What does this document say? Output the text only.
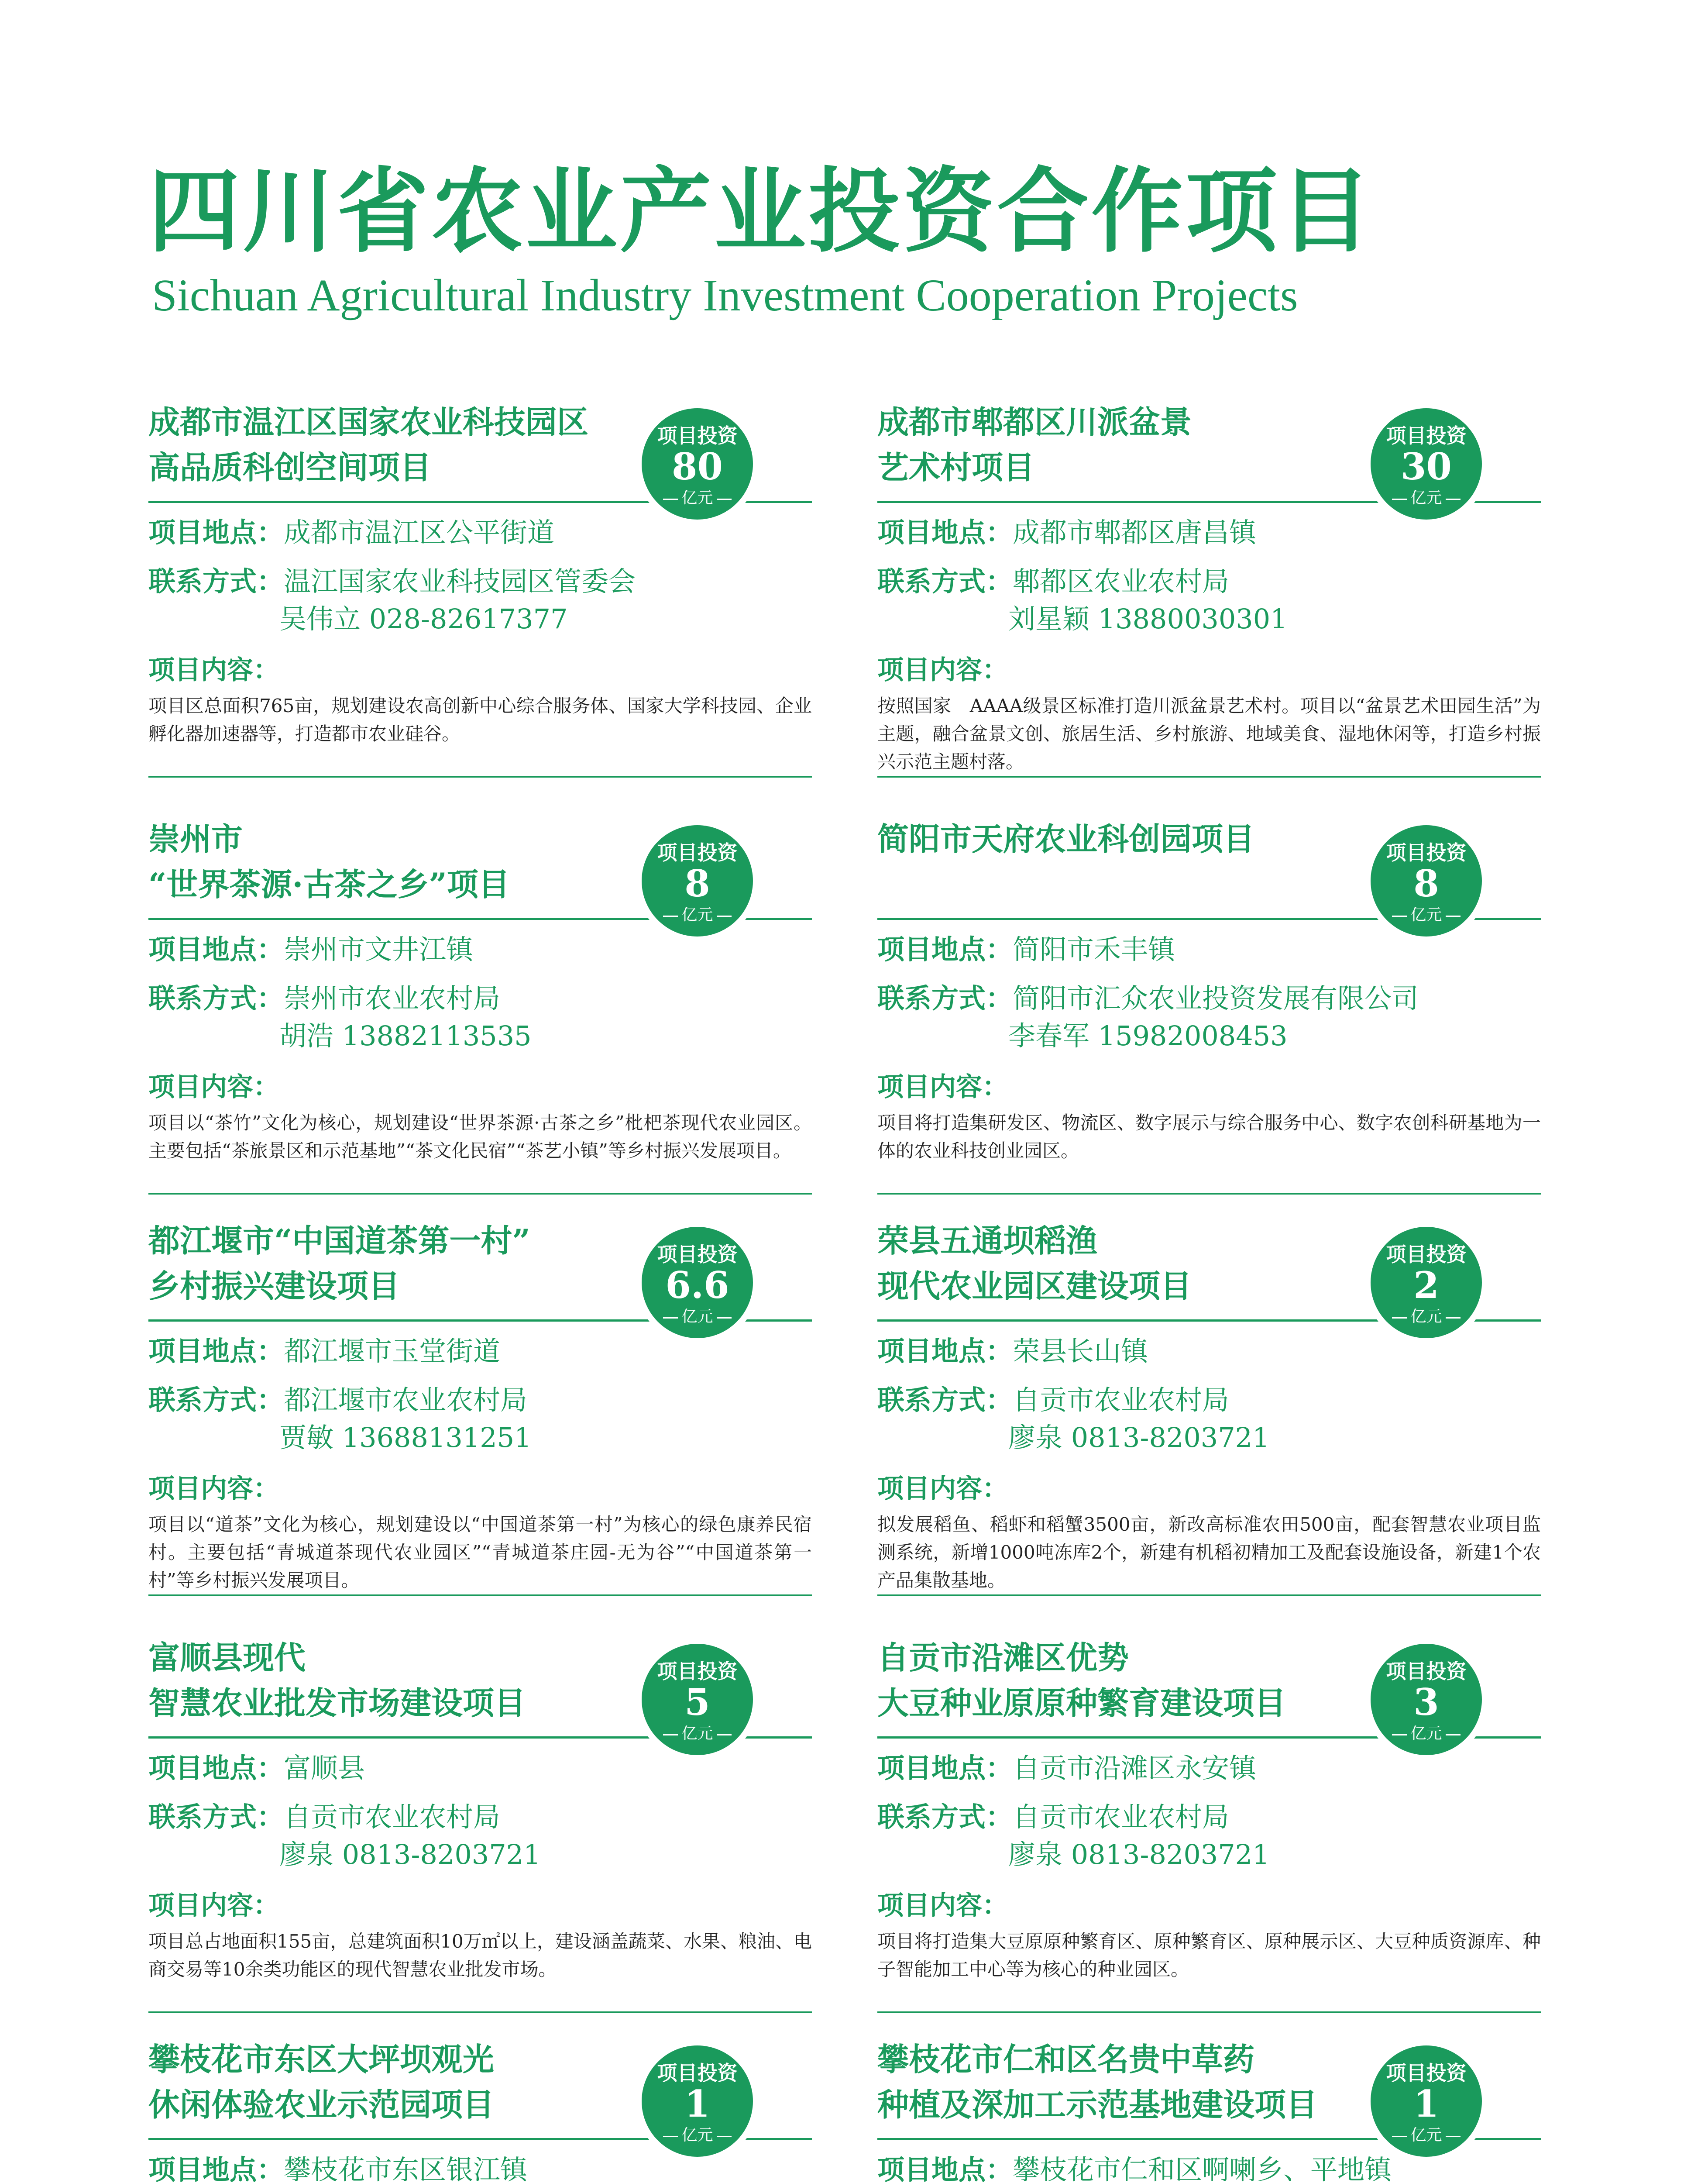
四川省农业产业投资合作项目
Sichuan Agricultural Industry Investment Cooperation Projects
成都市温江区国家农业科技园区
高品质科创空间项目
项目投资
80
亿元
项目地点：成都市温江区公平街道
联系方式：温江国家农业科技园区管委会
吴伟立 028-82617377
项目内容：
项目区总面积765亩，规划建设农高创新中心综合服务体、国家大学科技园、企业孵化器加速器等，打造都市农业硅谷。
成都市郫都区川派盆景
艺术村项目
项目投资
30
亿元
项目地点：成都市郫都区唐昌镇
联系方式：郫都区农业农村局
刘星颖 13880030301
项目内容：
按照国家　AAAA级景区标准打造川派盆景艺术村。项目以“盆景艺术田园生活”为主题，融合盆景文创、旅居生活、乡村旅游、地域美食、湿地休闲等，打造乡村振兴示范主题村落。
崇州市
“世界茶源·古茶之乡”项目
项目投资
8
亿元
项目地点：崇州市文井江镇
联系方式：崇州市农业农村局
胡浩 13882113535
项目内容：
项目以“茶竹”文化为核心，规划建设“世界茶源·古茶之乡”枇杷茶现代农业园区。主要包括“茶旅景区和示范基地”“茶文化民宿”“茶艺小镇”等乡村振兴发展项目。
简阳市天府农业科创园项目	项目投资
8
亿元
项目地点：简阳市禾丰镇
联系方式：简阳市汇众农业投资发展有限公司
李春军 15982008453
项目内容：
项目将打造集研发区、物流区、数字展示与综合服务中心、数字农创科研基地为一体的农业科技创业园区。
都江堰市“中国道茶第一村”
乡村振兴建设项目
项目投资
6.6
亿元
项目地点：都江堰市玉堂街道
联系方式：都江堰市农业农村局
贾敏 13688131251
项目内容：
项目以“道茶”文化为核心，规划建设以“中国道茶第一村”为核心的绿色康养民宿村。主要包括“青城道茶现代农业园区”“青城道茶庄园-无为谷”“中国道茶第一村”等乡村振兴发展项目。
荣县五通坝稻渔
现代农业园区建设项目
项目投资
2
亿元
项目地点：荣县长山镇
联系方式：自贡市农业农村局
廖泉 0813-8203721
项目内容：
拟发展稻鱼、稻虾和稻蟹3500亩，新改高标准农田500亩，配套智慧农业项目监测系统，新增1000吨冻库2个，新建有机稻初精加工及配套设施设备，新建1个农产品集散基地。
富顺县现代
智慧农业批发市场建设项目
项目投资
5
亿元
项目地点：富顺县
联系方式：自贡市农业农村局
廖泉 0813-8203721
项目内容：
项目总占地面积155亩，总建筑面积10万㎡以上，建设涵盖蔬菜、水果、粮油、电商交易等10余类功能区的现代智慧农业批发市场。
自贡市沿滩区优势
大豆种业原原种繁育建设项目
项目投资
3
亿元
项目地点：自贡市沿滩区永安镇
联系方式：自贡市农业农村局
廖泉 0813-8203721
项目内容：
项目将打造集大豆原原种繁育区、原种繁育区、原种展示区、大豆种质资源库、种子智能加工中心等为核心的种业园区。
攀枝花市东区大坪坝观光
休闲体验农业示范园项目
项目投资
1
亿元
项目地点：攀枝花市东区银江镇
攀枝花市仁和区名贵中草药
种植及深加工示范基地建设项目
项目投资
1
亿元
项目地点：攀枝花市仁和区啊喇乡、平地镇
